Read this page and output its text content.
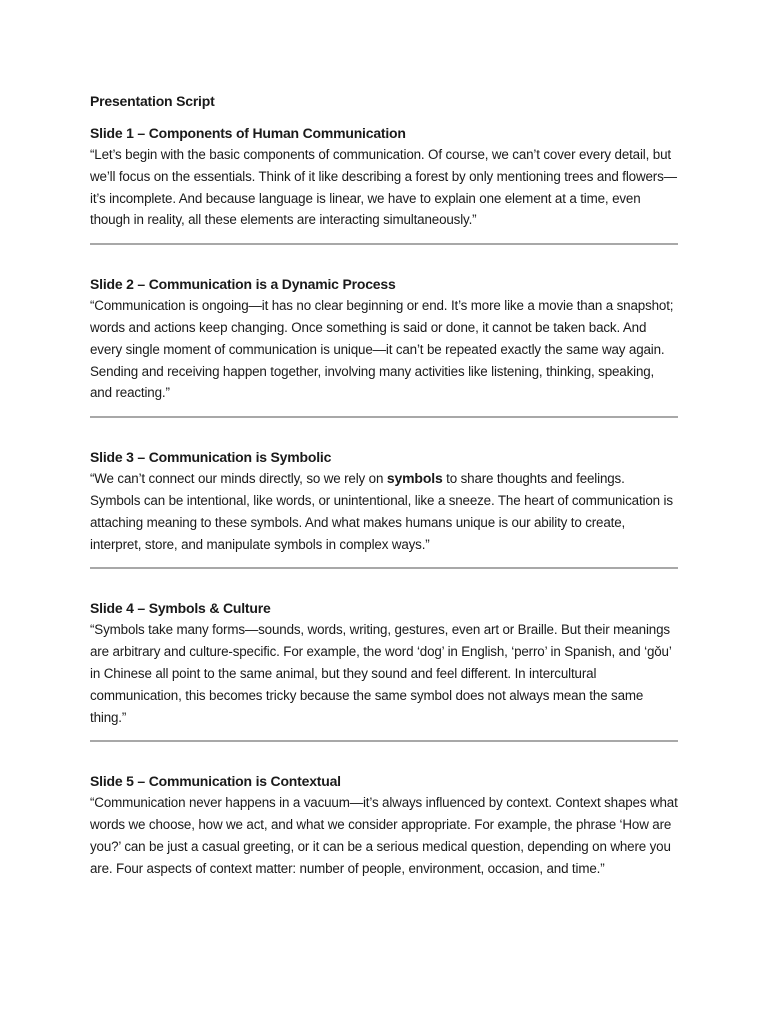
Presentation Script

Slide 1 – Components of Human Communication

“Let’s begin with the basic components of communication. Of course, we can’t cover every detail, but we’ll focus on the essentials. Think of it like describing a forest by only mentioning trees and flowers—it’s incomplete. And because language is linear, we have to explain one element at a time, even though in reality, all these elements are interacting simultaneously.”

Slide 2 – Communication is a Dynamic Process

“Communication is ongoing—it has no clear beginning or end. It’s more like a movie than a snapshot; words and actions keep changing. Once something is said or done, it cannot be taken back. And every single moment of communication is unique—it can’t be repeated exactly the same way again. Sending and receiving happen together, involving many activities like listening, thinking, speaking, and reacting.”

Slide 3 – Communication is Symbolic

“We can’t connect our minds directly, so we rely on symbols to share thoughts and feelings. Symbols can be intentional, like words, or unintentional, like a sneeze. The heart of communication is attaching meaning to these symbols. And what makes humans unique is our ability to create, interpret, store, and manipulate symbols in complex ways.”

Slide 4 – Symbols & Culture

“Symbols take many forms—sounds, words, writing, gestures, even art or Braille. But their meanings are arbitrary and culture-specific. For example, the word ‘dog’ in English, ‘perro’ in Spanish, and ‘gǒu’ in Chinese all point to the same animal, but they sound and feel different. In intercultural communication, this becomes tricky because the same symbol does not always mean the same thing.”

Slide 5 – Communication is Contextual

“Communication never happens in a vacuum—it’s always influenced by context. Context shapes what words we choose, how we act, and what we consider appropriate. For example, the phrase ‘How are you?’ can be just a casual greeting, or it can be a serious medical question, depending on where you are. Four aspects of context matter: number of people, environment, occasion, and time.”
